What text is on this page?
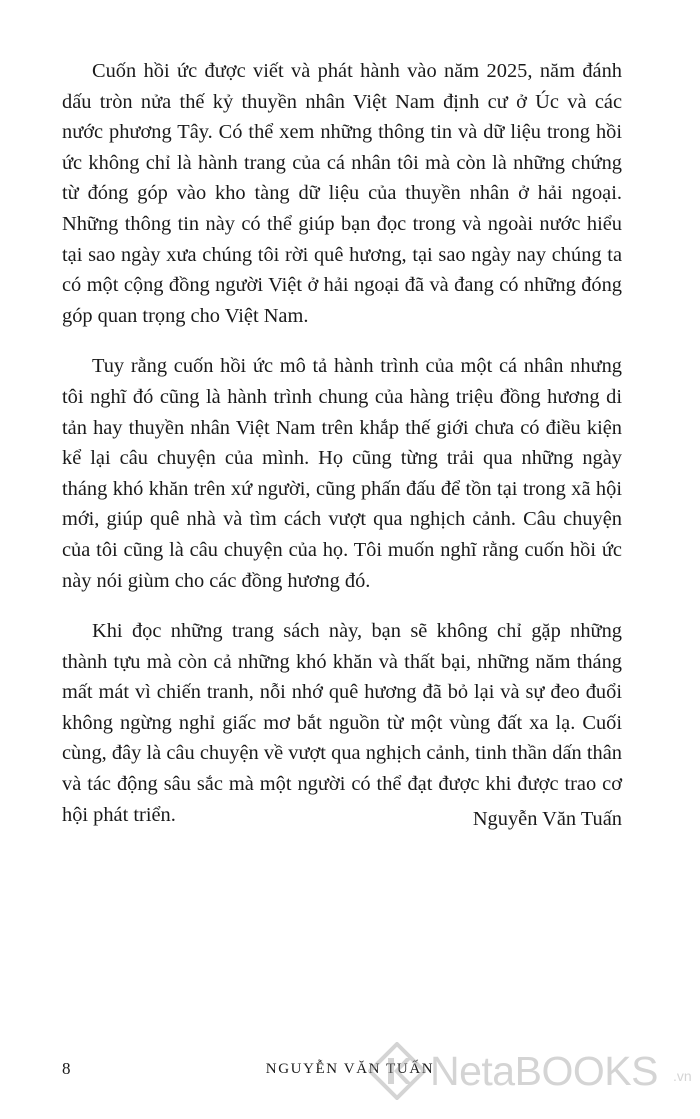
Cuốn hồi ức được viết và phát hành vào năm 2025, năm đánh dấu tròn nửa thế kỷ thuyền nhân Việt Nam định cư ở Úc và các nước phương Tây. Có thể xem những thông tin và dữ liệu trong hồi ức không chỉ là hành trang của cá nhân tôi mà còn là những chứng từ đóng góp vào kho tàng dữ liệu của thuyền nhân ở hải ngoại. Những thông tin này có thể giúp bạn đọc trong và ngoài nước hiểu tại sao ngày xưa chúng tôi rời quê hương, tại sao ngày nay chúng ta có một cộng đồng người Việt ở hải ngoại đã và đang có những đóng góp quan trọng cho Việt Nam.

Tuy rằng cuốn hồi ức mô tả hành trình của một cá nhân nhưng tôi nghĩ đó cũng là hành trình chung của hàng triệu đồng hương di tản hay thuyền nhân Việt Nam trên khắp thế giới chưa có điều kiện kể lại câu chuyện của mình. Họ cũng từng trải qua những ngày tháng khó khăn trên xứ người, cũng phấn đấu để tồn tại trong xã hội mới, giúp quê nhà và tìm cách vượt qua nghịch cảnh. Câu chuyện của tôi cũng là câu chuyện của họ. Tôi muốn nghĩ rằng cuốn hồi ức này nói giùm cho các đồng hương đó.

Khi đọc những trang sách này, bạn sẽ không chỉ gặp những thành tựu mà còn cả những khó khăn và thất bại, những năm tháng mất mát vì chiến tranh, nỗi nhớ quê hương đã bỏ lại và sự đeo đuổi không ngừng nghỉ giấc mơ bắt nguồn từ một vùng đất xa lạ. Cuối cùng, đây là câu chuyện về vượt qua nghịch cảnh, tinh thần dấn thân và tác động sâu sắc mà một người có thể đạt được khi được trao cơ hội phát triển.	Nguyễn Văn Tuấn
8	NGUYỄN VĂN TUẤN
NetaBOOKS .vn
